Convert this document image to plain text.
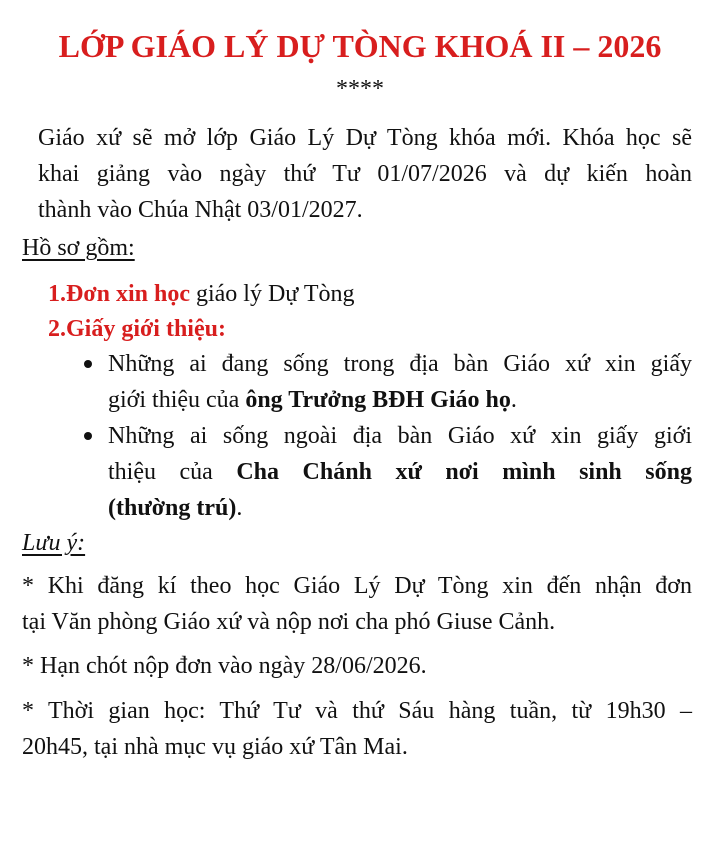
LỚP GIÁO LÝ DỰ TÒNG KHOÁ II – 2026
****
Giáo xứ sẽ mở lớp Giáo Lý Dự Tòng khóa mới. Khóa học sẽ
khai giảng vào ngày thứ Tư 01/07/2026 và dự kiến hoàn
thành vào Chúa Nhật 03/01/2027.
Hồ sơ gồm:
1.Đơn xin học giáo lý Dự Tòng
2.Giấy giới thiệu:
Những ai đang sống trong địa bàn Giáo xứ xin giấy
giới thiệu của ông Trưởng BĐH Giáo họ.
Những ai sống ngoài địa bàn Giáo xứ xin giấy giới
thiệu của Cha Chánh xứ nơi mình sinh sống
(thường trú).
Lưu ý:
* Khi đăng kí theo học Giáo Lý Dự Tòng xin đến nhận đơn
tại Văn phòng Giáo xứ và nộp nơi cha phó Giuse Cảnh.
* Hạn chót nộp đơn vào ngày 28/06/2026.
* Thời gian học: Thứ Tư và thứ Sáu hàng tuần, từ 19h30 –
20h45, tại nhà mục vụ giáo xứ Tân Mai.
